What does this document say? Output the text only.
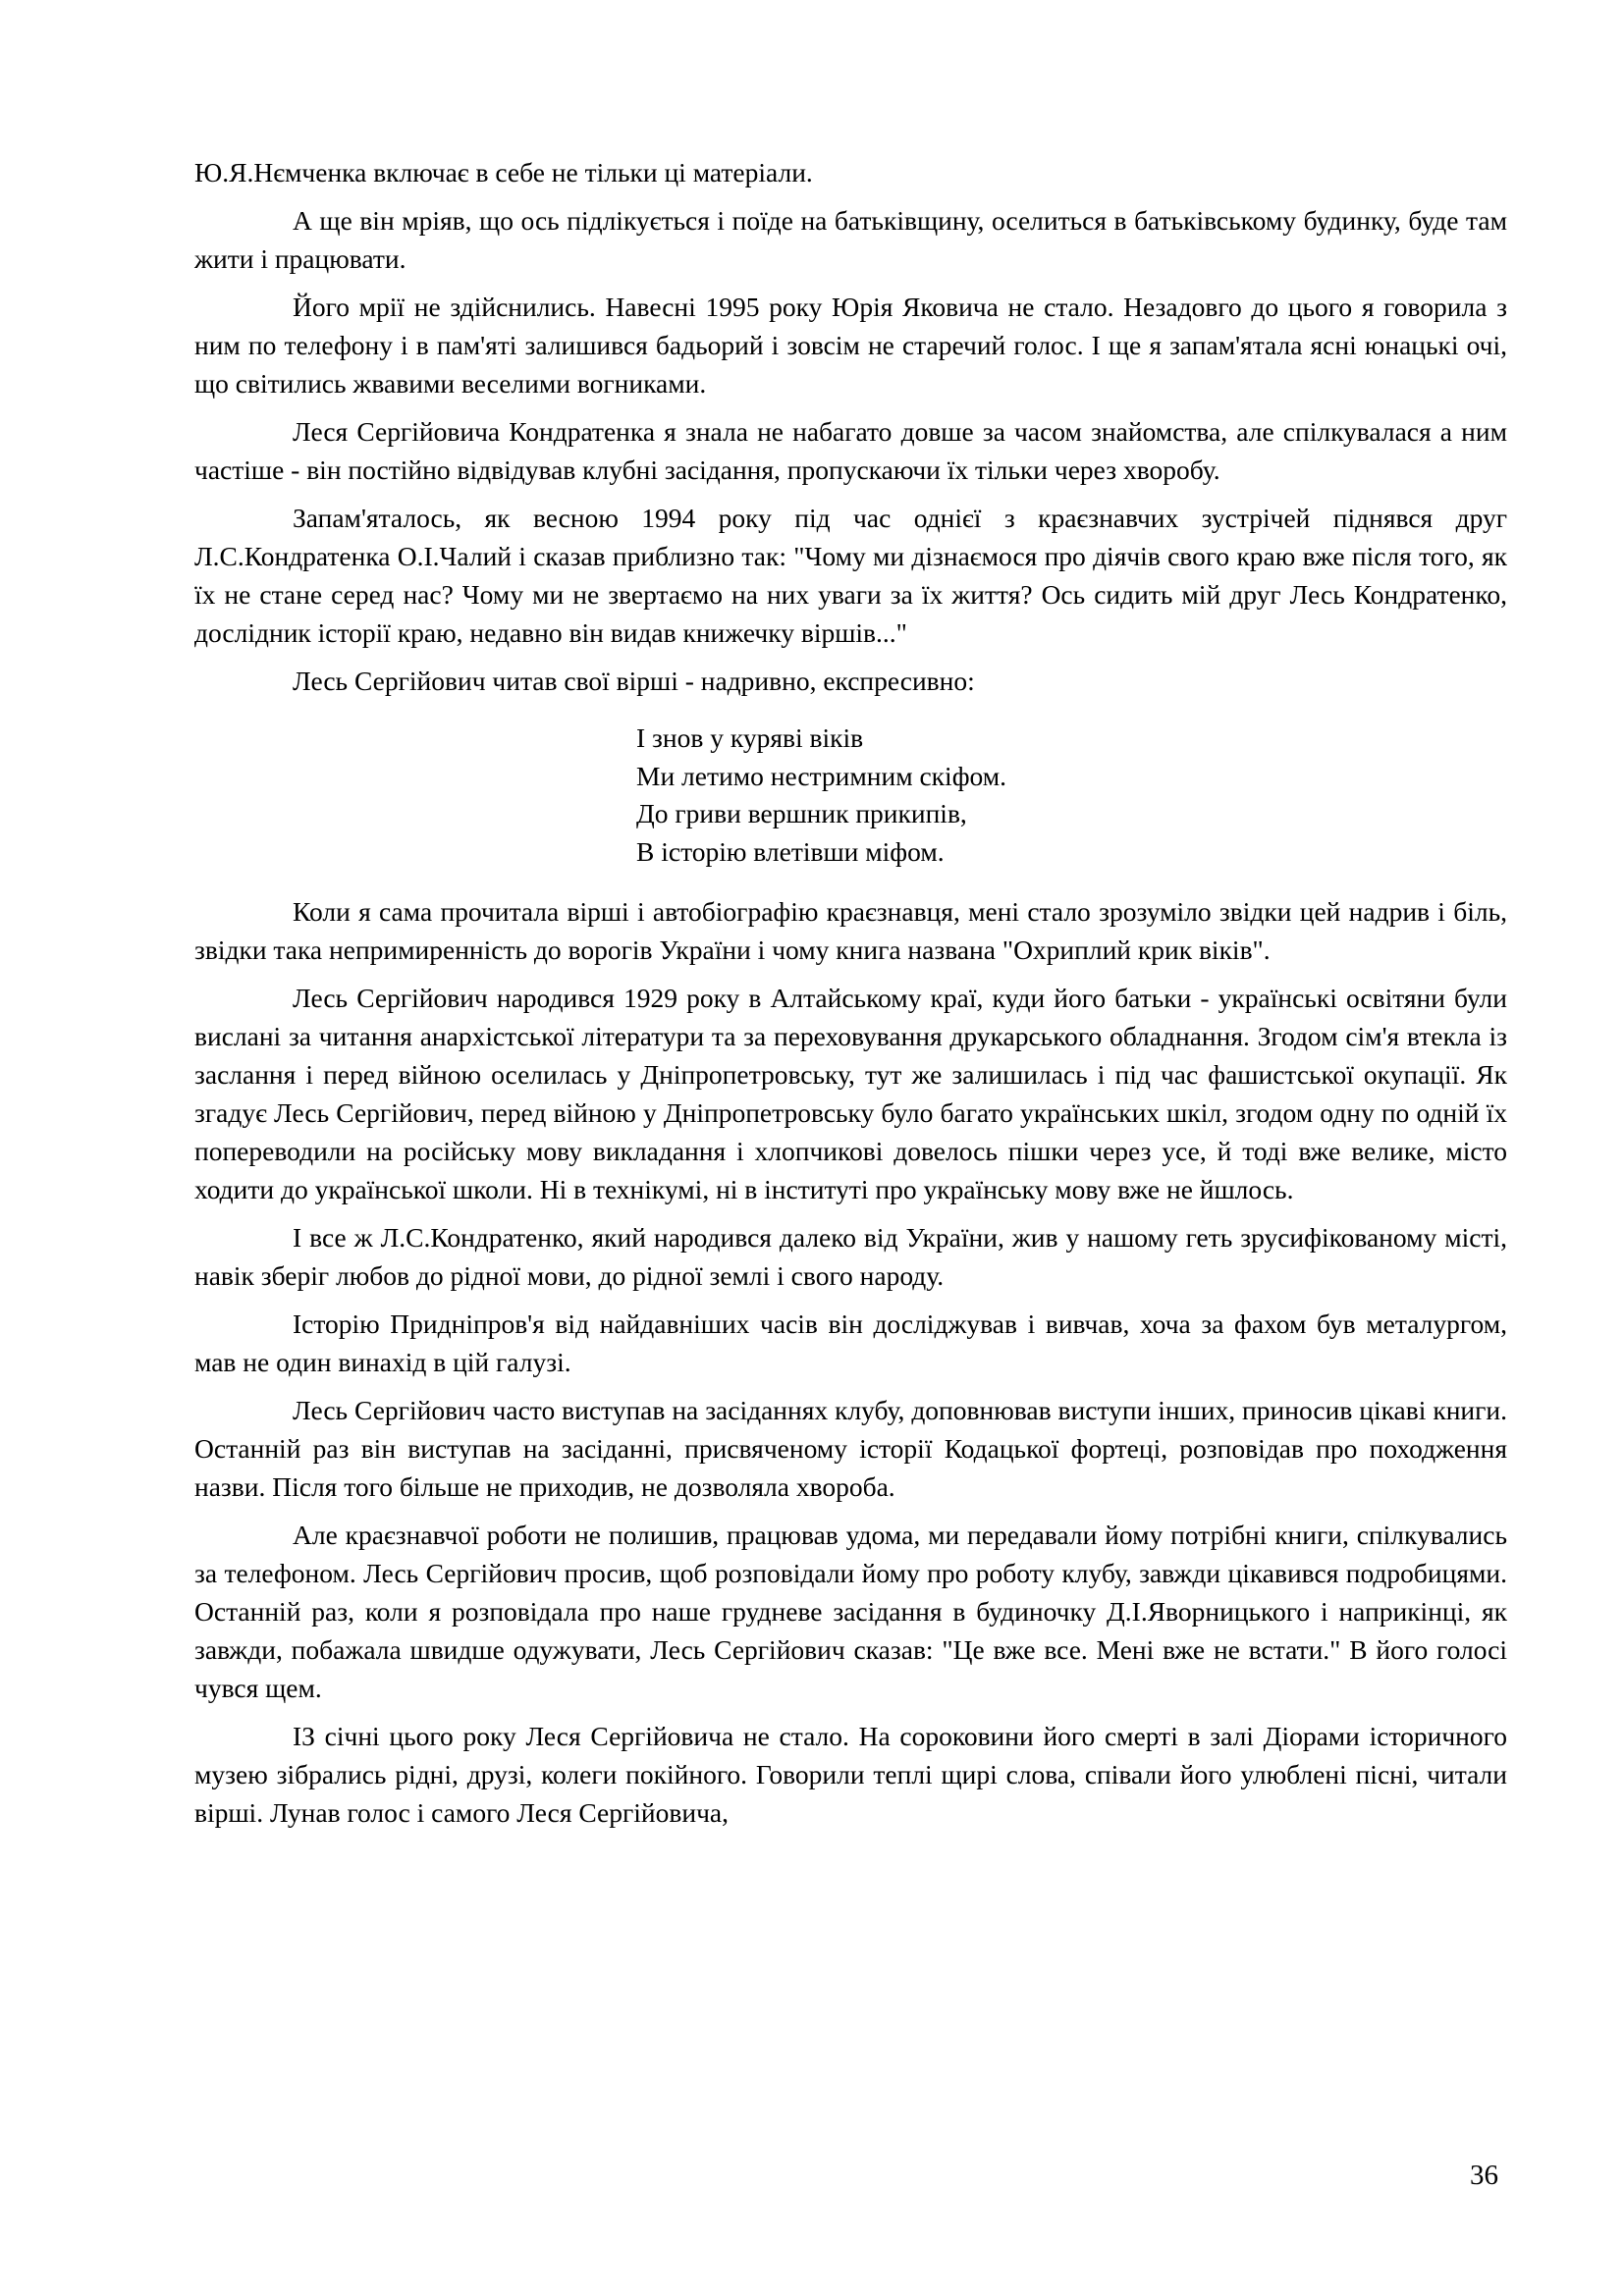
Ю.Я.Нємченка включає в себе не тільки ці матеріали.

А ще він мріяв, що ось підлікується і поїде на батьківщину, оселиться в батьківському будинку, буде там жити і працювати.

Його мрії не здійснились. Навесні 1995 року Юрія Яковича не стало. Незадовго до цього я говорила з ним по телефону і в пам'яті залишився бадьорий і зовсім не старечий голос. І ще я запам'ятала ясні юнацькі очі, що світились жвавими веселими вогниками.

Леся Сергійовича Кондратенка я знала не набагато довше за часом знайомства, але спілкувалася а ним частіше - він постійно відвідував клубні засідання, пропускаючи їх тільки через хворобу.

Запам'яталось, як весною 1994 року під час однієї з краєзнавчих зустрічей піднявся друг Л.С.Кондратенка О.І.Чалий і сказав приблизно так: "Чому ми дізнаємося про діячів свого краю вже після того, як їх не стане серед нас? Чому ми не звертаємо на них уваги за їх життя? Ось сидить мій друг Лесь Кондратенко, дослідник історії краю, недавно він видав книжечку віршів..."

Лесь Сергійович читав свої вірші - надривно, експресивно:

І знов у куряві віків
Ми летимо нестримним скіфом.
До гриви вершник прикипів,
В історію влетівши міфом.

Коли я сама прочитала вірші і автобіографію краєзнавця, мені стало зрозуміло звідки цей надрив і біль, звідки така непримиренність до ворогів України і чому книга названа "Охриплий крик віків".

Лесь Сергійович народився 1929 року в Алтайському краї, куди його батьки - українські освітяни були вислані за читання анархістської літератури та за переховування друкарського обладнання. Згодом сім'я втекла із заслання і перед війною оселилась у Дніпропетровську, тут же залишилась і під час фашистської окупації. Як згадує Лесь Сергійович, перед війною у Дніпропетровську було багато українських шкіл, згодом одну по одній їх попереводили на російську мову викладання і хлопчикові довелось пішки через усе, й тоді вже велике, місто ходити до української школи. Ні в технікумі, ні в інституті про українську мову вже не йшлось.

І все ж Л.С.Кондратенко, який народився далеко від України, жив у нашому геть зрусифікованому місті, навік зберіг любов до рідної мови, до рідної землі і свого народу.

Історію Придніпров'я від найдавніших часів він досліджував і вивчав, хоча за фахом був металургом, мав не один винахід в цій галузі.

Лесь Сергійович часто виступав на засіданнях клубу, доповнював виступи інших, приносив цікаві книги. Останній раз він виступав на засіданні, присвяченому історії Кодацької фортеці, розповідав про походження назви. Після того більше не приходив, не дозволяла хвороба.

Але краєзнавчої роботи не полишив, працював удома, ми передавали йому потрібні книги, спілкувались за телефоном. Лесь Сергійович просив, щоб розповідали йому про роботу клубу, завжди цікавився подробицями. Останній раз, коли я розповідала про наше грудневе засідання в будиночку Д.І.Яворницького і наприкінці, як завжди, побажала швидше одужувати, Лесь Сергійович сказав: "Це вже все. Мені вже не встати." В його голосі чувся щем.

ІЗ січні цього року Леся Сергійовича не стало. На сороковини його смерті в залі Діорами історичного музею зібрались рідні, друзі, колеги покійного. Говорили теплі щирі слова, співали його улюблені пісні, читали вірші. Лунав голос і самого Леся Сергійовича,

36
